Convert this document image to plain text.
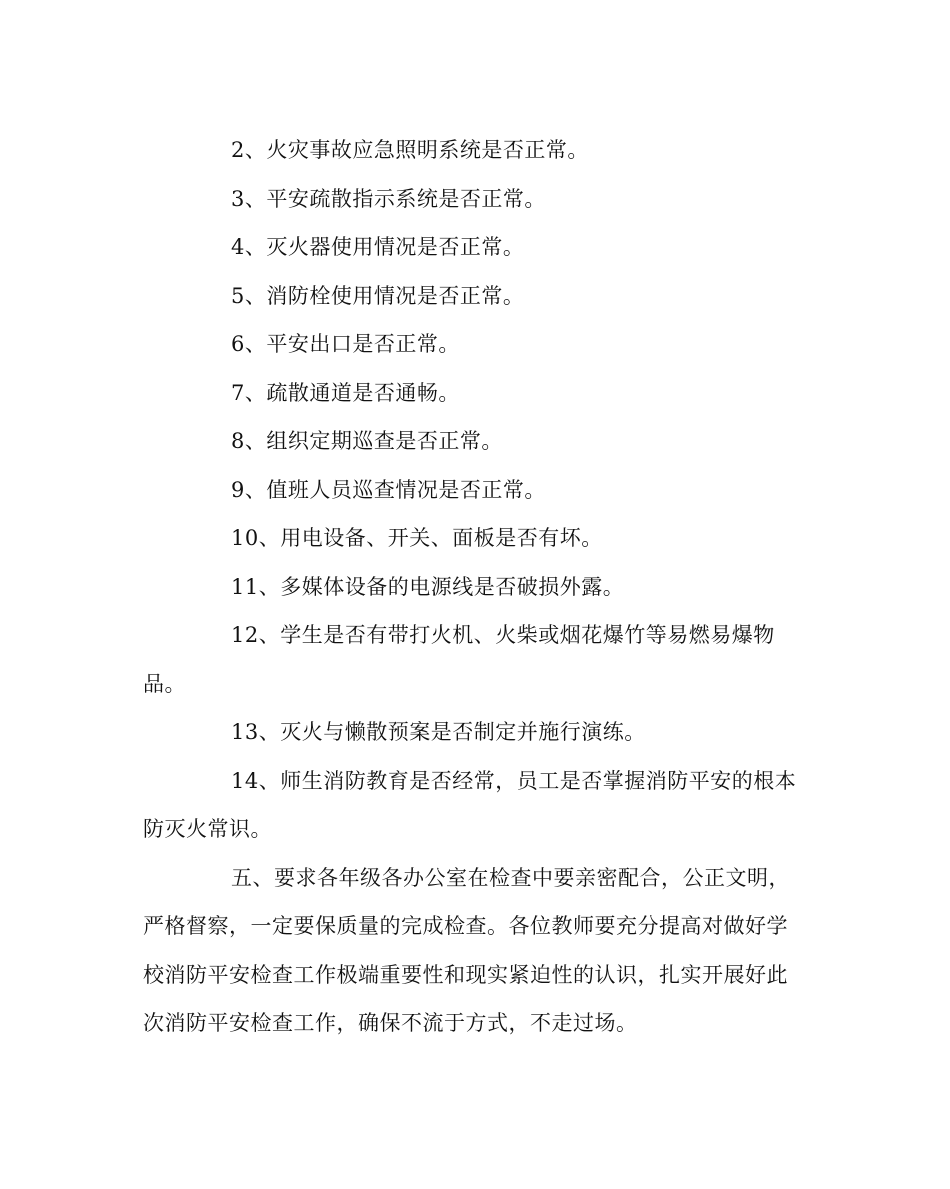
2、火灾事故应急照明系统是否正常。

3、平安疏散指示系统是否正常。

4、灭火器使用情况是否正常。

5、消防栓使用情况是否正常。

6、平安出口是否正常。

7、疏散通道是否通畅。

8、组织定期巡查是否正常。

9、值班人员巡查情况是否正常。

10、用电设备、开关、面板是否有坏。

11、多媒体设备的电源线是否破损外露。

12、学生是否有带打火机、火柴或烟花爆竹等易燃易爆物品。

13、灭火与懒散预案是否制定并施行演练。

14、师生消防教育是否经常，员工是否掌握消防平安的根本防灭火常识。

五、要求各年级各办公室在检查中要亲密配合，公正文明，严格督察，一定要保质量的完成检查。各位教师要充分提高对做好学校消防平安检查工作极端重要性和现实紧迫性的认识，扎实开展好此次消防平安检查工作，确保不流于方式，不走过场。
